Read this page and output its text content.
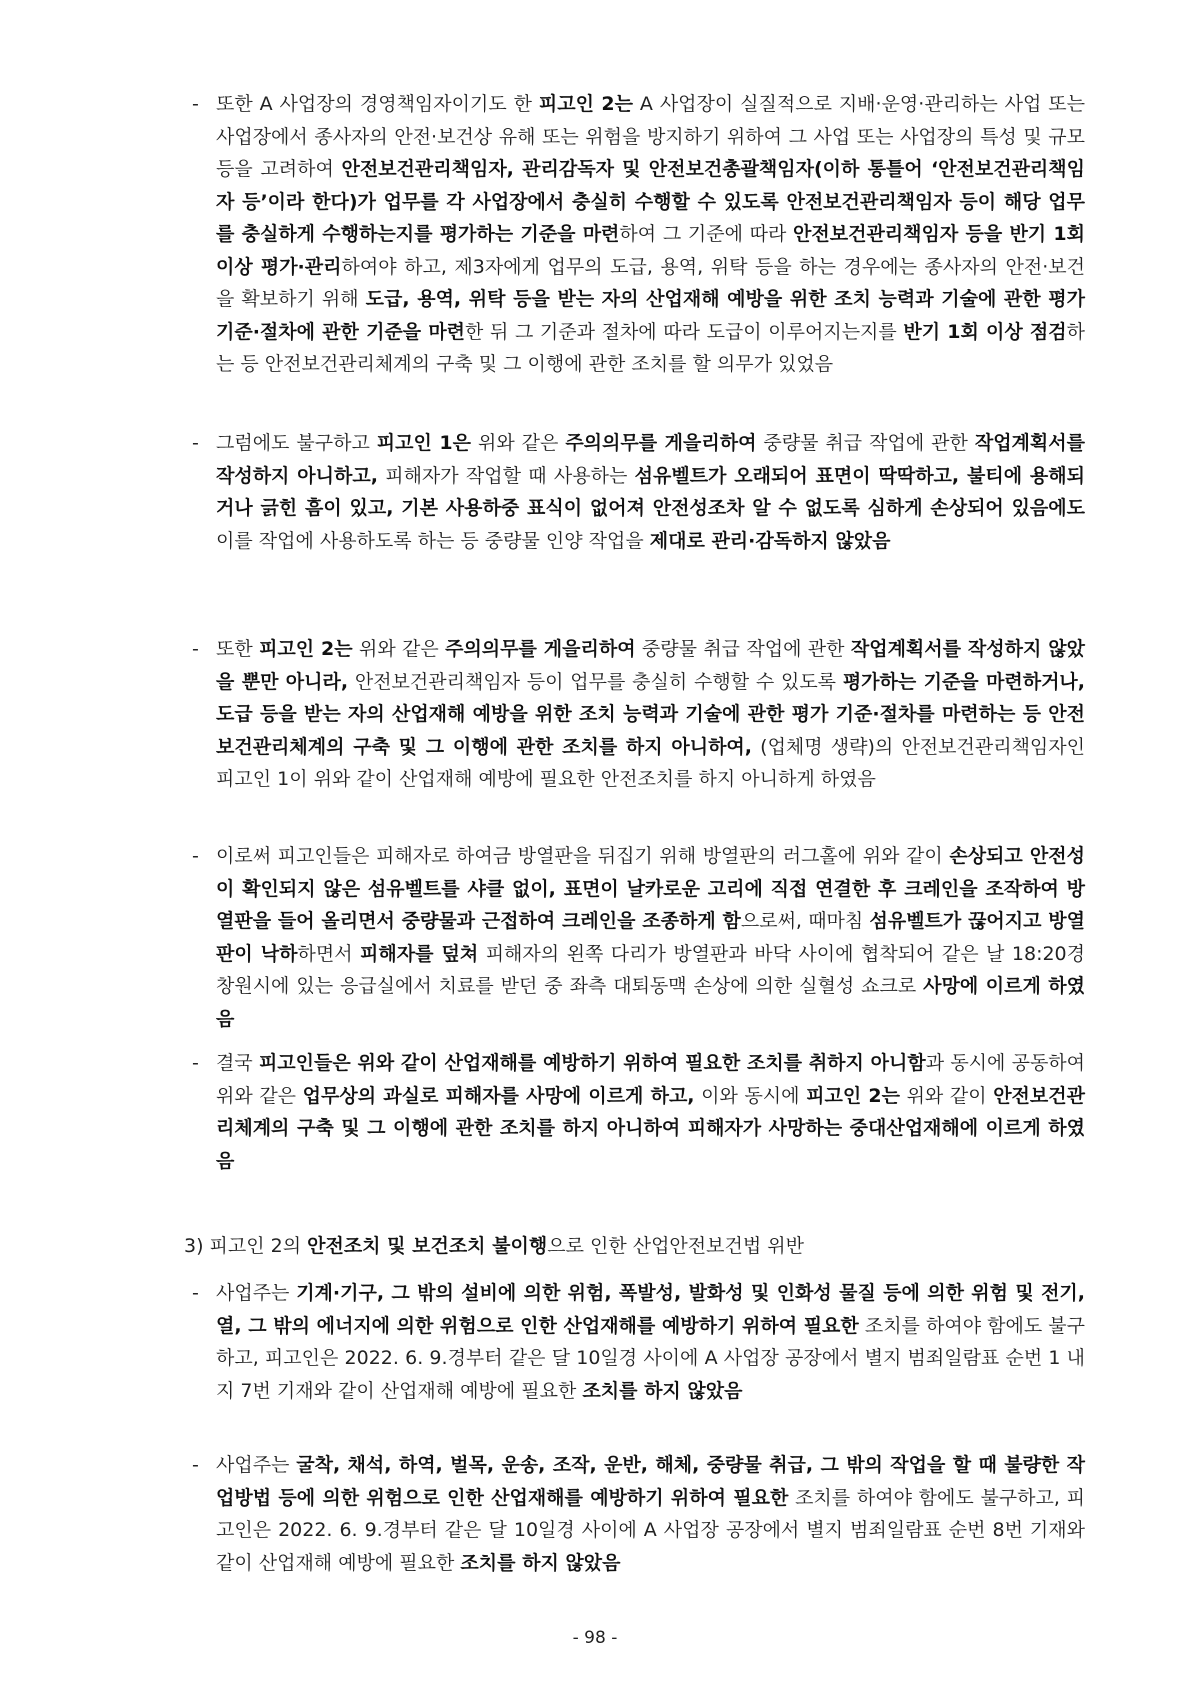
- 또한 A 사업장의 경영책임자이기도 한 피고인 2는 A 사업장이 실질적으로 지배·운영·관리하는 사업 또는 사업장에서 종사자의 안전·보건상 유해 또는 위험을 방지하기 위하여 그 사업 또는 사업장의 특성 및 규모 등을 고려하여 안전보건관리책임자, 관리감독자 및 안전보건총괄책임자(이하 통틀어 ‘안전보건관리책임자 등’이라 한다)가 업무를 각 사업장에서 충실히 수행할 수 있도록 안전보건관리책임자 등이 해당 업무를 충실하게 수행하는지를 평가하는 기준을 마련하여 그 기준에 따라 안전보건관리책임자 등을 반기 1회 이상 평가·관리하여야 하고, 제3자에게 업무의 도급, 용역, 위탁 등을 하는 경우에는 종사자의 안전·보건을 확보하기 위해 도급, 용역, 위탁 등을 받는 자의 산업재해 예방을 위한 조치 능력과 기술에 관한 평가 기준·절차에 관한 기준을 마련한 뒤 그 기준과 절차에 따라 도급이 이루어지는지를 반기 1회 이상 점검하는 등 안전보건관리체계의 구축 및 그 이행에 관한 조치를 할 의무가 있었음
- 그럼에도 불구하고 피고인 1은 위와 같은 주의의무를 게을리하여 중량물 취급 작업에 관한 작업계획서를 작성하지 아니하고, 피해자가 작업할 때 사용하는 섬유벨트가 오래되어 표면이 딱딱하고, 불티에 용해되거나 긁힌 흠이 있고, 기본 사용하중 표식이 없어져 안전성조차 알 수 없도록 심하게 손상되어 있음에도 이를 작업에 사용하도록 하는 등 중량물 인양 작업을 제대로 관리·감독하지 않았음
- 또한 피고인 2는 위와 같은 주의의무를 게을리하여 중량물 취급 작업에 관한 작업계획서를 작성하지 않았을 뿐만 아니라, 안전보건관리책임자 등이 업무를 충실히 수행할 수 있도록 평가하는 기준을 마련하거나, 도급 등을 받는 자의 산업재해 예방을 위한 조치 능력과 기술에 관한 평가 기준·절차를 마련하는 등 안전보건관리체계의 구축 및 그 이행에 관한 조치를 하지 아니하여, (업체명 생략)의 안전보건관리책임자인 피고인 1이 위와 같이 산업재해 예방에 필요한 안전조치를 하지 아니하게 하였음
- 이로써 피고인들은 피해자로 하여금 방열판을 뒤집기 위해 방열판의 러그홀에 위와 같이 손상되고 안전성이 확인되지 않은 섬유벨트를 샤클 없이, 표면이 날카로운 고리에 직접 연결한 후 크레인을 조작하여 방열판을 들어 올리면서 중량물과 근접하여 크레인을 조종하게 함으로써, 때마침 섬유벨트가 끊어지고 방열판이 낙하하면서 피해자를 덮쳐 피해자의 왼쪽 다리가 방열판과 바닥 사이에 협착되어 같은 날 18:20경 창원시에 있는 응급실에서 치료를 받던 중 좌측 대퇴동맥 손상에 의한 실혈성 쇼크로 사망에 이르게 하였음
- 결국 피고인들은 위와 같이 산업재해를 예방하기 위하여 필요한 조치를 취하지 아니함과 동시에 공동하여 위와 같은 업무상의 과실로 피해자를 사망에 이르게 하고, 이와 동시에 피고인 2는 위와 같이 안전보건관리체계의 구축 및 그 이행에 관한 조치를 하지 아니하여 피해자가 사망하는 중대산업재해에 이르게 하였음

3) 피고인 2의 안전조치 및 보건조치 불이행으로 인한 산업안전보건법 위반

- 사업주는 기계·기구, 그 밖의 설비에 의한 위험, 폭발성, 발화성 및 인화성 물질 등에 의한 위험 및 전기, 열, 그 밖의 에너지에 의한 위험으로 인한 산업재해를 예방하기 위하여 필요한 조치를 하여야 함에도 불구하고, 피고인은 2022. 6. 9.경부터 같은 달 10일경 사이에 A 사업장 공장에서 별지 범죄일람표 순번 1 내지 7번 기재와 같이 산업재해 예방에 필요한 조치를 하지 않았음
- 사업주는 굴착, 채석, 하역, 벌목, 운송, 조작, 운반, 해체, 중량물 취급, 그 밖의 작업을 할 때 불량한 작업방법 등에 의한 위험으로 인한 산업재해를 예방하기 위하여 필요한 조치를 하여야 함에도 불구하고, 피고인은 2022. 6. 9.경부터 같은 달 10일경 사이에 A 사업장 공장에서 별지 범죄일람표 순번 8번 기재와 같이 산업재해 예방에 필요한 조치를 하지 않았음

- 98 -
